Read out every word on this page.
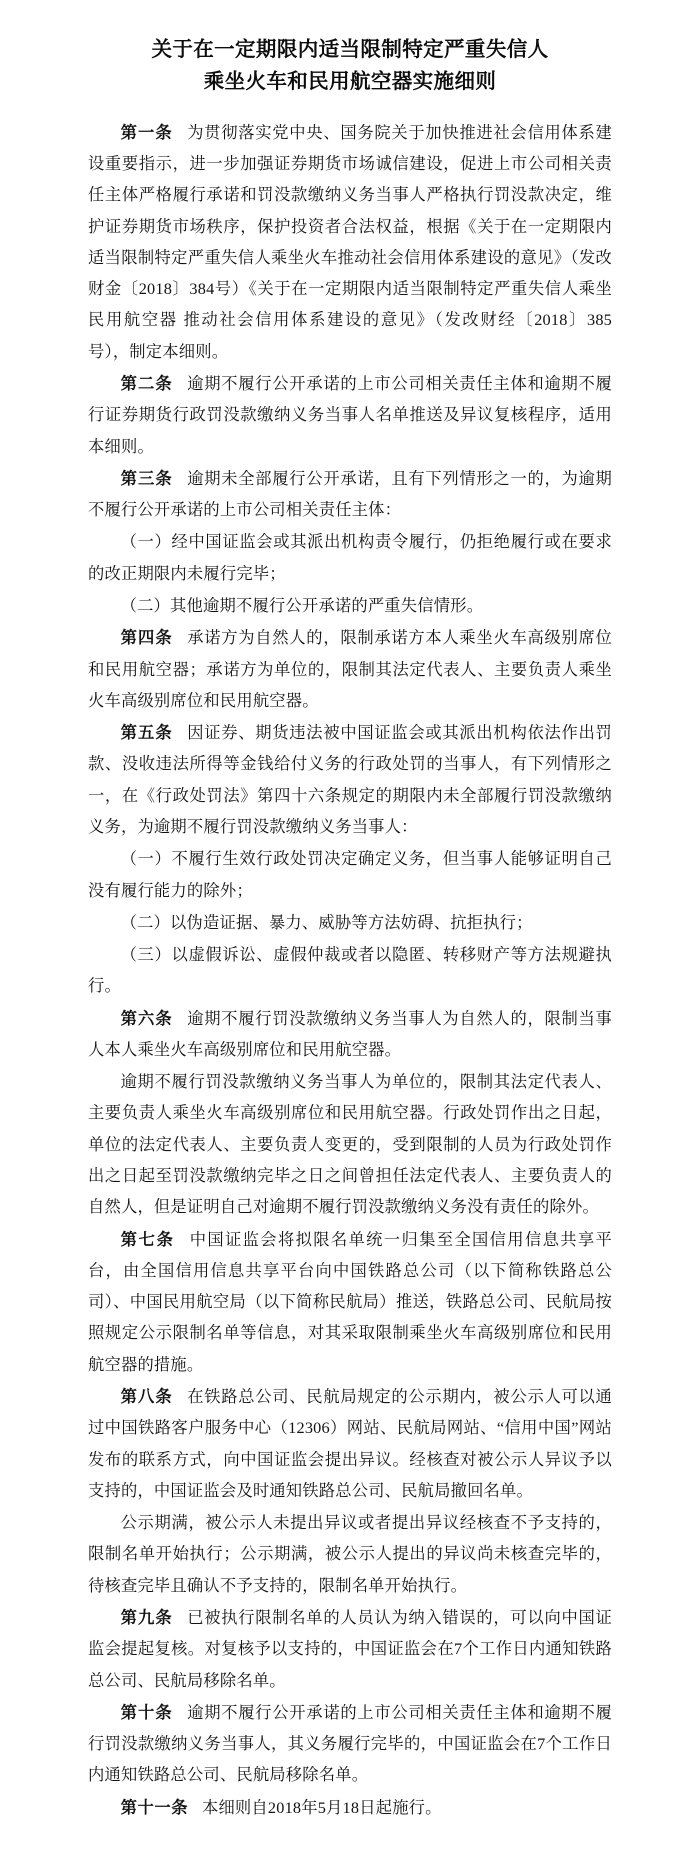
关于在一定期限内适当限制特定严重失信人
乘坐火车和民用航空器实施细则

第一条 为贯彻落实党中央、国务院关于加快推进社会信用体系建设重要指示，进一步加强证券期货市场诚信建设，促进上市公司相关责任主体严格履行承诺和罚没款缴纳义务当事人严格执行罚没款决定，维护证券期货市场秩序，保护投资者合法权益，根据《关于在一定期限内适当限制特定严重失信人乘坐火车推动社会信用体系建设的意见》（发改财金〔2018〕384号）《关于在一定期限内适当限制特定严重失信人乘坐民用航空器 推动社会信用体系建设的意见》（发改财经〔2018〕385号），制定本细则。

第二条 逾期不履行公开承诺的上市公司相关责任主体和逾期不履行证券期货行政罚没款缴纳义务当事人名单推送及异议复核程序，适用本细则。

第三条 逾期未全部履行公开承诺，且有下列情形之一的，为逾期不履行公开承诺的上市公司相关责任主体：

（一）经中国证监会或其派出机构责令履行，仍拒绝履行或在要求的改正期限内未履行完毕；

（二）其他逾期不履行公开承诺的严重失信情形。

第四条 承诺方为自然人的，限制承诺方本人乘坐火车高级别席位和民用航空器；承诺方为单位的，限制其法定代表人、主要负责人乘坐火车高级别席位和民用航空器。

第五条 因证券、期货违法被中国证监会或其派出机构依法作出罚款、没收违法所得等金钱给付义务的行政处罚的当事人，有下列情形之一，在《行政处罚法》第四十六条规定的期限内未全部履行罚没款缴纳义务，为逾期不履行罚没款缴纳义务当事人：

（一）不履行生效行政处罚决定确定义务，但当事人能够证明自己没有履行能力的除外；

（二）以伪造证据、暴力、威胁等方法妨碍、抗拒执行；

（三）以虚假诉讼、虚假仲裁或者以隐匿、转移财产等方法规避执行。

第六条 逾期不履行罚没款缴纳义务当事人为自然人的，限制当事人本人乘坐火车高级别席位和民用航空器。

逾期不履行罚没款缴纳义务当事人为单位的，限制其法定代表人、主要负责人乘坐火车高级别席位和民用航空器。行政处罚作出之日起，单位的法定代表人、主要负责人变更的，受到限制的人员为行政处罚作出之日起至罚没款缴纳完毕之日之间曾担任法定代表人、主要负责人的自然人，但是证明自己对逾期不履行罚没款缴纳义务没有责任的除外。

第七条 中国证监会将拟限名单统一归集至全国信用信息共享平台，由全国信用信息共享平台向中国铁路总公司（以下简称铁路总公司）、中国民用航空局（以下简称民航局）推送，铁路总公司、民航局按照规定公示限制名单等信息，对其采取限制乘坐火车高级别席位和民用航空器的措施。

第八条 在铁路总公司、民航局规定的公示期内，被公示人可以通过中国铁路客户服务中心（12306）网站、民航局网站、“信用中国”网站发布的联系方式，向中国证监会提出异议。经核查对被公示人异议予以支持的，中国证监会及时通知铁路总公司、民航局撤回名单。

公示期满，被公示人未提出异议或者提出异议经核查不予支持的，限制名单开始执行；公示期满，被公示人提出的异议尚未核查完毕的，待核查完毕且确认不予支持的，限制名单开始执行。

第九条 已被执行限制名单的人员认为纳入错误的，可以向中国证监会提起复核。对复核予以支持的，中国证监会在7个工作日内通知铁路总公司、民航局移除名单。

第十条 逾期不履行公开承诺的上市公司相关责任主体和逾期不履行罚没款缴纳义务当事人，其义务履行完毕的，中国证监会在7个工作日内通知铁路总公司、民航局移除名单。

第十一条 本细则自2018年5月18日起施行。
